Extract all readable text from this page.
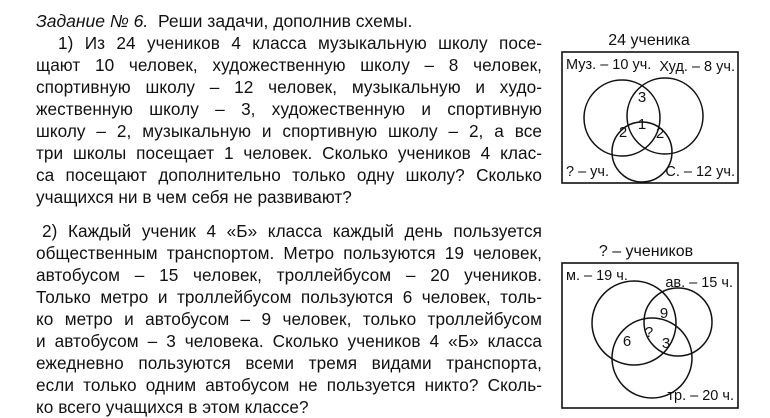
Задание № 6. Реши задачи, дополнив схемы.
1) Из 24 учеников 4 класса музыкальную школу посе-
щают 10 человек, художественную школу – 8 человек,
спортивную школу – 12 человек, музыкальную и худо-
жественную школу – 3, художественную и спортивную
школу – 2, музыкальную и спортивную школу – 2, а все
три школы посещает 1 человек. Сколько учеников 4 клас-
са посещают дополнительно только одну школу? Сколько
учащихся ни в чем себя не развивают?
2) Каждый ученик 4 «Б» класса каждый день пользуется
общественным транспортом. Метро пользуются 19 человек,
автобусом – 15 человек, троллейбусом – 20 учеников.
Только метро и троллейбусом пользуются 6 человек, толь-
ко метро и автобусом – 9 человек, только троллейбусом
и автобусом – 3 человека. Сколько учеников 4 «Б» класса
ежедневно пользуются всеми тремя видами транспорта,
если только одним автобусом не пользуется никто? Сколь-
ко всего учащихся в этом классе?
24 ученика
Муз. – 10 уч. Худ. – 8 уч.
? – уч.	С. – 12 уч.
3
2 1
2
? – учеников
м. – 19 ч.	ав. – 15 ч.
тр. – 20 ч.
9
6
?
3
